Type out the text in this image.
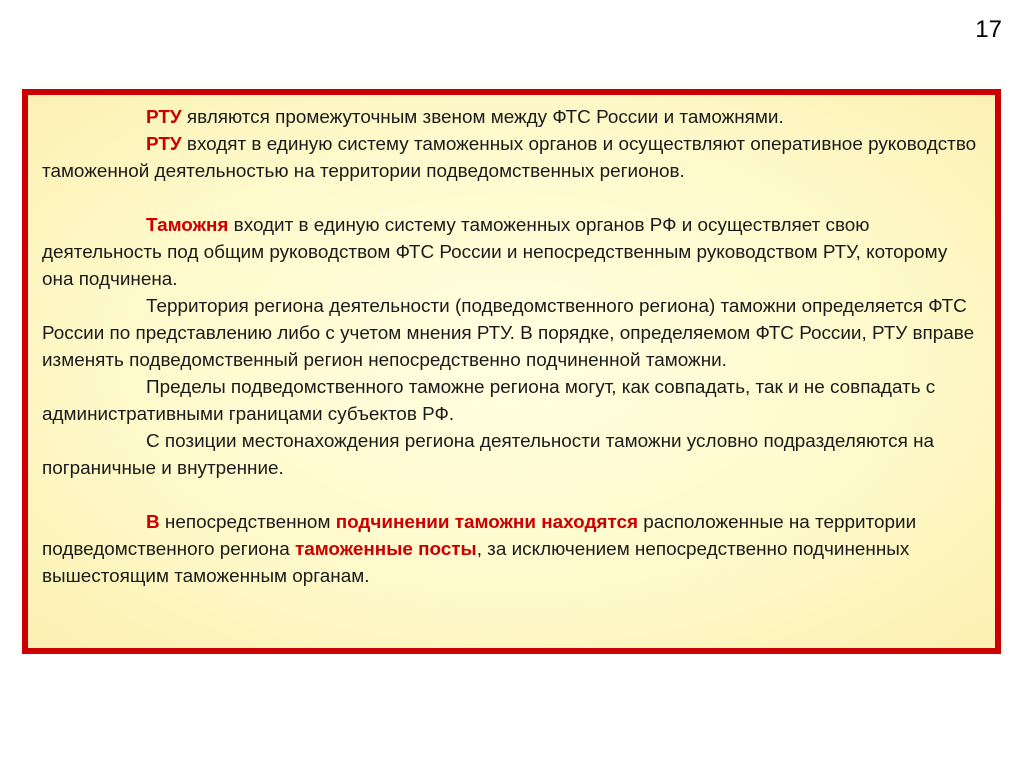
17

РТУ являются промежуточным звеном между ФТС России и таможнями.

РТУ входят в единую систему таможенных органов и осуществляют оперативное руководство таможенной деятельностью на территории подведомственных регионов.

Таможня входит в единую систему таможенных органов РФ и осуществляет свою деятельность под общим руководством ФТС России и непосредственным руководством РТУ, которому она подчинена.

Территория региона деятельности (подведомственного региона) таможни определяется ФТС России по представлению либо с учетом мнения РТУ. В порядке, определяемом ФТС России, РТУ вправе изменять подведомственный регион непосредственно подчиненной таможни.

Пределы подведомственного таможне региона могут, как совпадать, так и не совпадать с административными границами субъектов РФ.

С позиции местонахождения региона деятельности таможни условно подразделяются на пограничные и внутренние.

В непосредственном подчинении таможни находятся расположенные на территории подведомственного региона таможенные посты, за исключением непосредственно подчиненных вышестоящим таможенным органам.
